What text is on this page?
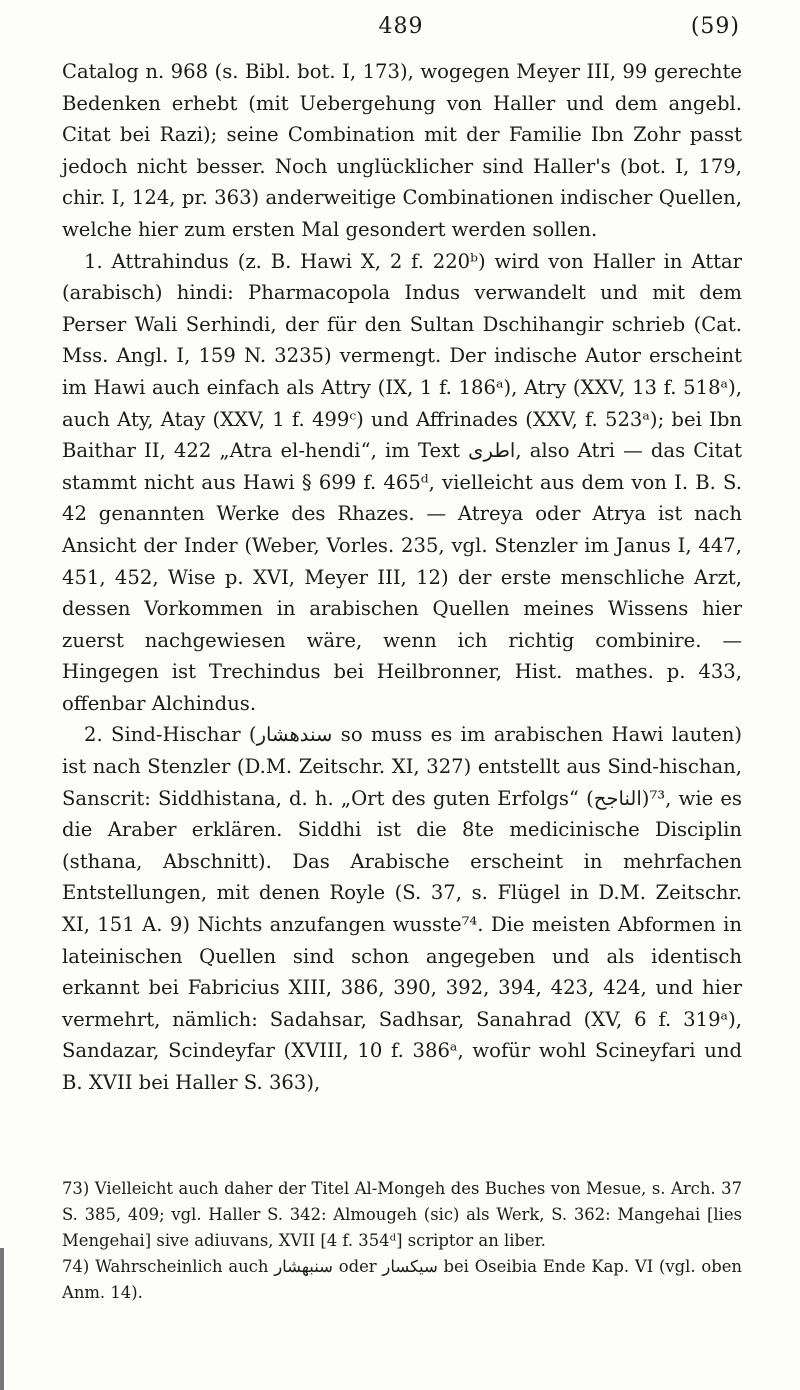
489	(59)

Catalog n. 968 (s. Bibl. bot. I, 173), wogegen Meyer III, 99 gerechte Bedenken erhebt (mit Uebergehung von Haller und dem angebl. Citat bei Razi); seine Combination mit der Familie Ibn Zohr passt jedoch nicht besser. Noch unglücklicher sind Haller's (bot. I, 179, chir. I, 124, pr. 363) anderweitige Combinationen indischer Quellen, welche hier zum ersten Mal gesondert werden sollen.

1. Attrahindus (z. B. Hawi X, 2 f. 220ᵇ) wird von Haller in Attar (arabisch) hindi: Pharmacopola Indus verwandelt und mit dem Perser Wali Serhindi, der für den Sultan Dschihangir schrieb (Cat. Mss. Angl. I, 159 N. 3235) vermengt. Der indische Autor erscheint im Hawi auch einfach als Attry (IX, 1 f. 186ᵃ), Atry (XXV, 13 f. 518ᵃ), auch Aty, Atay (XXV, 1 f. 499ᶜ) und Affrinades (XXV, f. 523ᵃ); bei Ibn Baithar II, 422 „Atra el-hendi“, im Text اطرى, also Atri — das Citat stammt nicht aus Hawi § 699 f. 465ᵈ, vielleicht aus dem von I. B. S. 42 genannten Werke des Rhazes. — Atreya oder Atrya ist nach Ansicht der Inder (Weber, Vorles. 235, vgl. Stenzler im Janus I, 447, 451, 452, Wise p. XVI, Meyer III, 12) der erste menschliche Arzt, dessen Vorkommen in arabischen Quellen meines Wissens hier zuerst nachgewiesen wäre, wenn ich richtig combinire. — Hingegen ist Trechindus bei Heilbronner, Hist. mathes. p. 433, offenbar Alchindus.

2. Sind-Hischar (سندهشار so muss es im arabischen Hawi lauten) ist nach Stenzler (D.M. Zeitschr. XI, 327) entstellt aus Sind-hischan, Sanscrit: Siddhistana, d. h. „Ort des guten Erfolgs“ (الناجح)⁷³, wie es die Araber erklären. Siddhi ist die 8te medicinische Disciplin (sthana, Abschnitt). Das Arabische erscheint in mehrfachen Entstellungen, mit denen Royle (S. 37, s. Flügel in D.M. Zeitschr. XI, 151 A. 9) Nichts anzufangen wusste⁷⁴. Die meisten Abformen in lateinischen Quellen sind schon angegeben und als identisch erkannt bei Fabricius XIII, 386, 390, 392, 394, 423, 424, und hier vermehrt, nämlich: Sadahsar, Sadhsar, Sanahrad (XV, 6 f. 319ᵃ), Sandazar, Scindeyfar (XVIII, 10 f. 386ᵃ, wofür wohl Scineyfari und B. XVII bei Haller S. 363),

73) Vielleicht auch daher der Titel Al-Mongeh des Buches von Mesue, s. Arch. 37 S. 385, 409; vgl. Haller S. 342: Almougeh (sic) als Werk, S. 362: Mangehai [lies Mengehai] sive adiuvans, XVII [4 f. 354ᵈ] scriptor an liber.

74) Wahrscheinlich auch سنبهشار oder سيكسار bei Oseibia Ende Kap. VI (vgl. oben Anm. 14).
